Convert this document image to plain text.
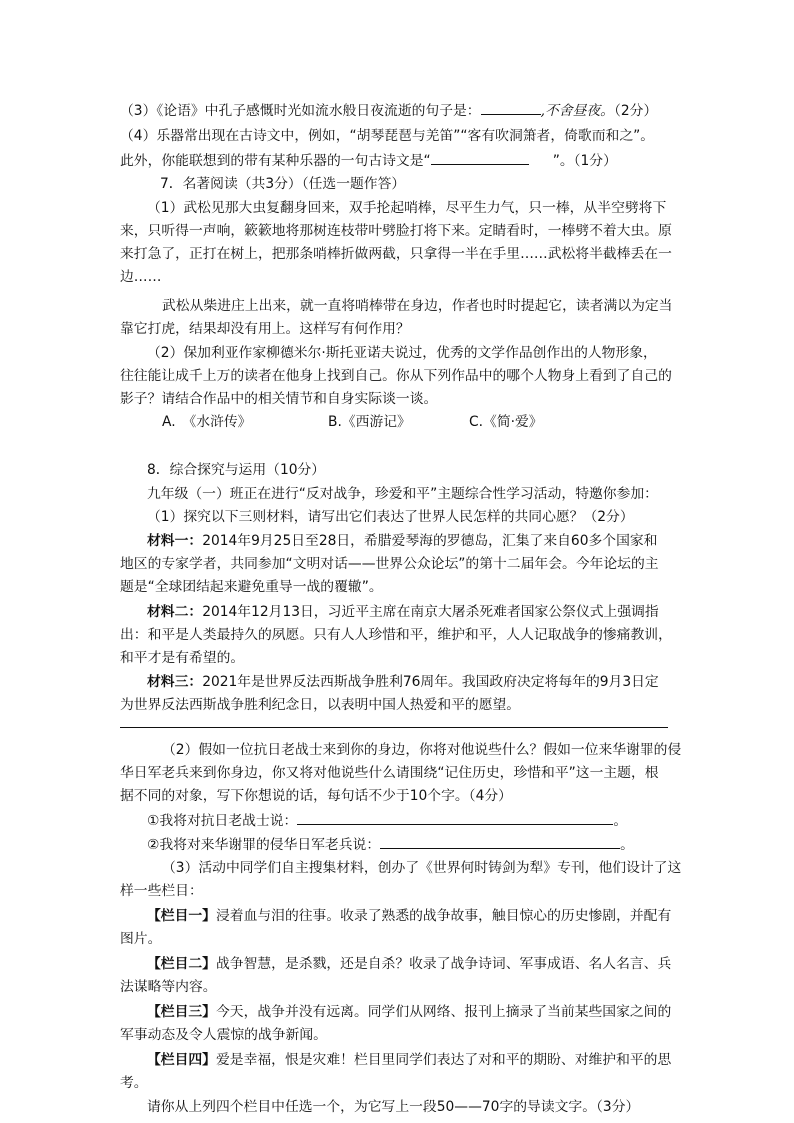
（3）《论语》中孔子感慨时光如流水般日夜流逝的句子是：	,不舍昼夜。（2分）
（4）乐器常出现在古诗文中，例如，“胡琴琵琶与羌笛”“客有吹洞箫者，倚歌而和之”。
此外，你能联想到的带有某种乐器的一句古诗文是“	”。（1分）
7．名著阅读（共3分）（任选一题作答）
（1）武松见那大虫复翻身回来，双手抡起哨棒，尽平生力气，只一棒，从半空劈将下
来，只听得一声响，簌簌地将那树连枝带叶劈脸打将下来。定睛看时，一棒劈不着大虫。原
来打急了，正打在树上，把那条哨棒折做两截，只拿得一半在手里……武松将半截棒丢在一
边……
武松从柴进庄上出来，就一直将哨棒带在身边，作者也时时提起它，读者满以为定当
靠它打虎，结果却没有用上。这样写有何作用？
（2）保加利亚作家柳德米尔·斯托亚诺夫说过，优秀的文学作品创作出的人物形象，
往往能让成千上万的读者在他身上找到自己。你从下列作品中的哪个人物身上看到了自己的
影子？请结合作品中的相关情节和自身实际谈一谈。
A.　《水浒传》	B.《西游记》	C.《简·爱》
8．综合探究与运用（10分）
九年级（一）班正在进行“反对战争，珍爱和平”主题综合性学习活动，特邀你参加：
（1）探究以下三则材料，请写出它们表达了世界人民怎样的共同心愿？（2分）
材料一：2014年9月25日至28日，希腊爱琴海的罗德岛，汇集了来自60多个国家和
地区的专家学者，共同参加“文明对话——世界公众论坛”的第十二届年会。今年论坛的主
题是“全球团结起来避免重导一战的覆辙”。
材料二：2014年12月13日，习近平主席在南京大屠杀死难者国家公祭仪式上强调指
出：和平是人类最持久的夙愿。只有人人珍惜和平，维护和平，人人记取战争的惨痛教训，
和平才是有希望的。
材料三：2021年是世界反法西斯战争胜利76周年。我国政府决定将每年的9月3日定
为世界反法西斯战争胜利纪念日，以表明中国人热爱和平的愿望。
（2）假如一位抗日老战士来到你的身边，你将对他说些什么？假如一位来华谢罪的侵
华日军老兵来到你身边，你又将对他说些什么请围绕“记住历史，珍惜和平”这一主题，根
据不同的对象，写下你想说的话，每句话不少于10个字。（4分）
①我将对抗日老战士说：	。
②我将对来华谢罪的侵华日军老兵说：	。
（3）活动中同学们自主搜集材料，创办了《世界何时铸剑为犁》专刊，他们设计了这
样一些栏目：
【栏目一】浸着血与泪的往事。收录了熟悉的战争故事，触目惊心的历史惨剧，并配有
图片。
【栏目二】战争智慧，是杀戮，还是自杀？收录了战争诗词、军事成语、名人名言、兵
法谋略等内容。
【栏目三】今天，战争并没有远离。同学们从网络、报刊上摘录了当前某些国家之间的
军事动态及令人震惊的战争新闻。
【栏目四】爱是幸福，恨是灾难！栏目里同学们表达了对和平的期盼、对维护和平的思
考。
请你从上列四个栏目中任选一个，为它写上一段50——70字的导读文字。（3分）
